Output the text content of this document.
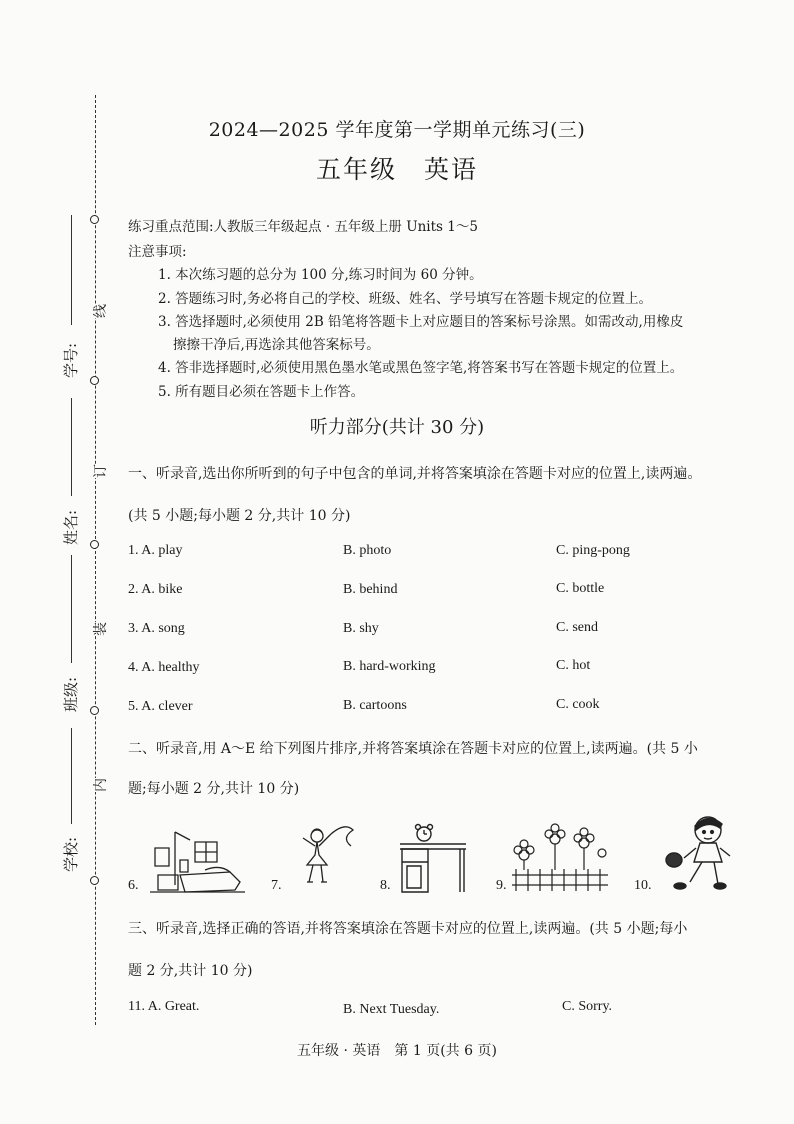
学号:
姓名:
班级:
学校:
线
订
装
内
2024—2025 学年度第一学期单元练习(三)
五年级　英语
练习重点范围:人教版三年级起点 · 五年级上册 Units 1～5
注意事项:
1. 本次练习题的总分为 100 分,练习时间为 60 分钟。
2. 答题练习时,务必将自己的学校、班级、姓名、学号填写在答题卡规定的位置上。
3. 答选择题时,必须使用 2B 铅笔将答题卡上对应题目的答案标号涂黑。如需改动,用橡皮
擦擦干净后,再选涂其他答案标号。
4. 答非选择题时,必须使用黑色墨水笔或黑色签字笔,将答案书写在答题卡规定的位置上。
5. 所有题目必须在答题卡上作答。
听力部分(共计 30 分)
一、听录音,选出你所听到的句子中包含的单词,并将答案填涂在答题卡对应的位置上,读两遍。
(共 5 小题;每小题 2 分,共计 10 分)
1. A. play	B. photo	C. ping-pong
2. A. bike	B. behind	C. bottle
3. A. song	B. shy	C. send
4. A. healthy	B. hard-working	C. hot
5. A. clever	B. cartoons	C. cook
二、听录音,用 A～E 给下列图片排序,并将答案填涂在答题卡对应的位置上,读两遍。(共 5 小
题;每小题 2 分,共计 10 分)
6.	7.	8.	9.	10.
三、听录音,选择正确的答语,并将答案填涂在答题卡对应的位置上,读两遍。(共 5 小题;每小
题 2 分,共计 10 分)
11. A. Great.	B. Next Tuesday.	C. Sorry.
五年级 · 英语　第 1 页(共 6 页)
